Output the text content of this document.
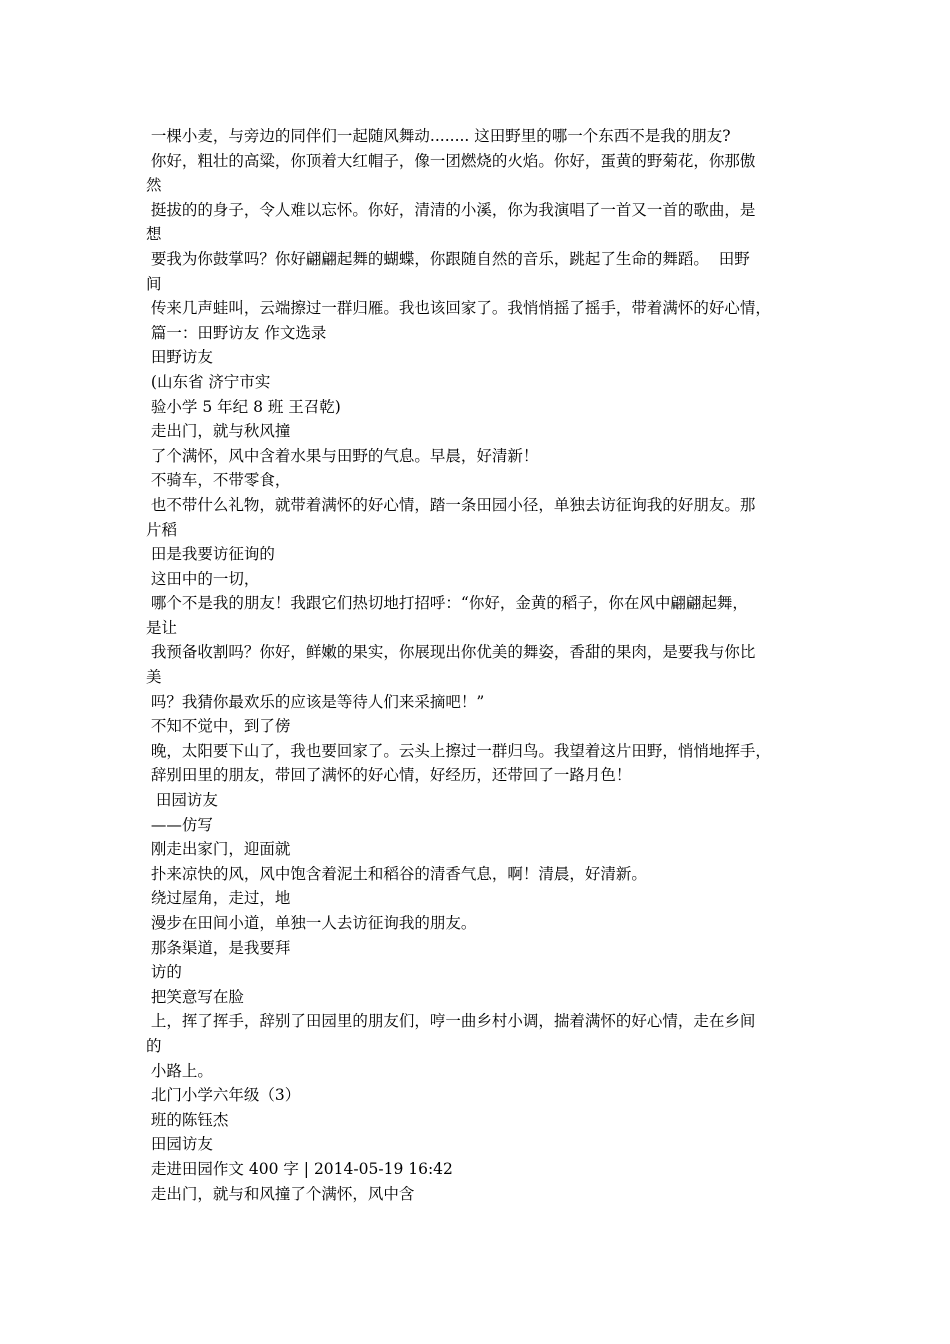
一棵小麦，与旁边的同伴们一起随风舞动........ 这田野里的哪一个东西不是我的朋友?
你好，粗壮的高粱，你顶着大红帽子，像一团燃烧的火焰。你好，蛋黄的野菊花，你那傲
然
挺拔的的身子，令人难以忘怀。你好，清清的小溪，你为我演唱了一首又一首的歌曲，是
想
要我为你鼓掌吗？你好翩翩起舞的蝴蝶，你跟随自然的音乐，跳起了生命的舞蹈。  田野
间
传来几声蛙叫，云端擦过一群归雁。我也该回家了。我悄悄摇了摇手，带着满怀的好心情，
篇一：田野访友 作文选录
田野访友
(山东省 济宁市实
验小学 5 年纪 8 班 王召乾)
走出门，就与秋风撞
了个满怀，风中含着水果与田野的气息。早晨，好清新！
不骑车，不带零食，
也不带什么礼物，就带着满怀的好心情，踏一条田园小径，单独去访征询我的好朋友。那
片稻
田是我要访征询的
这田中的一切，
哪个不是我的朋友！我跟它们热切地打招呼：“你好，金黄的稻子，你在风中翩翩起舞，
是让
我预备收割吗？你好，鲜嫩的果实，你展现出你优美的舞姿，香甜的果肉，是要我与你比
美
吗？我猜你最欢乐的应该是等待人们来采摘吧！”
不知不觉中，到了傍
晚，太阳要下山了，我也要回家了。云头上擦过一群归鸟。我望着这片田野，悄悄地挥手，
辞别田里的朋友，带回了满怀的好心情，好经历，还带回了一路月色！
田园访友
——仿写
刚走出家门，迎面就
扑来凉快的风，风中饱含着泥土和稻谷的清香气息，啊！清晨，好清新。
绕过屋角，走过，地
漫步在田间小道，单独一人去访征询我的朋友。
那条渠道，是我要拜
访的
把笑意写在脸
上，挥了挥手，辞别了田园里的朋友们，哼一曲乡村小调，揣着满怀的好心情，走在乡间
的
小路上。
北门小学六年级（3）
班的陈钰杰
田园访友
走进田园作文 400 字 | 2014-05-19 16:42
走出门，就与和风撞了个满怀，风中含
